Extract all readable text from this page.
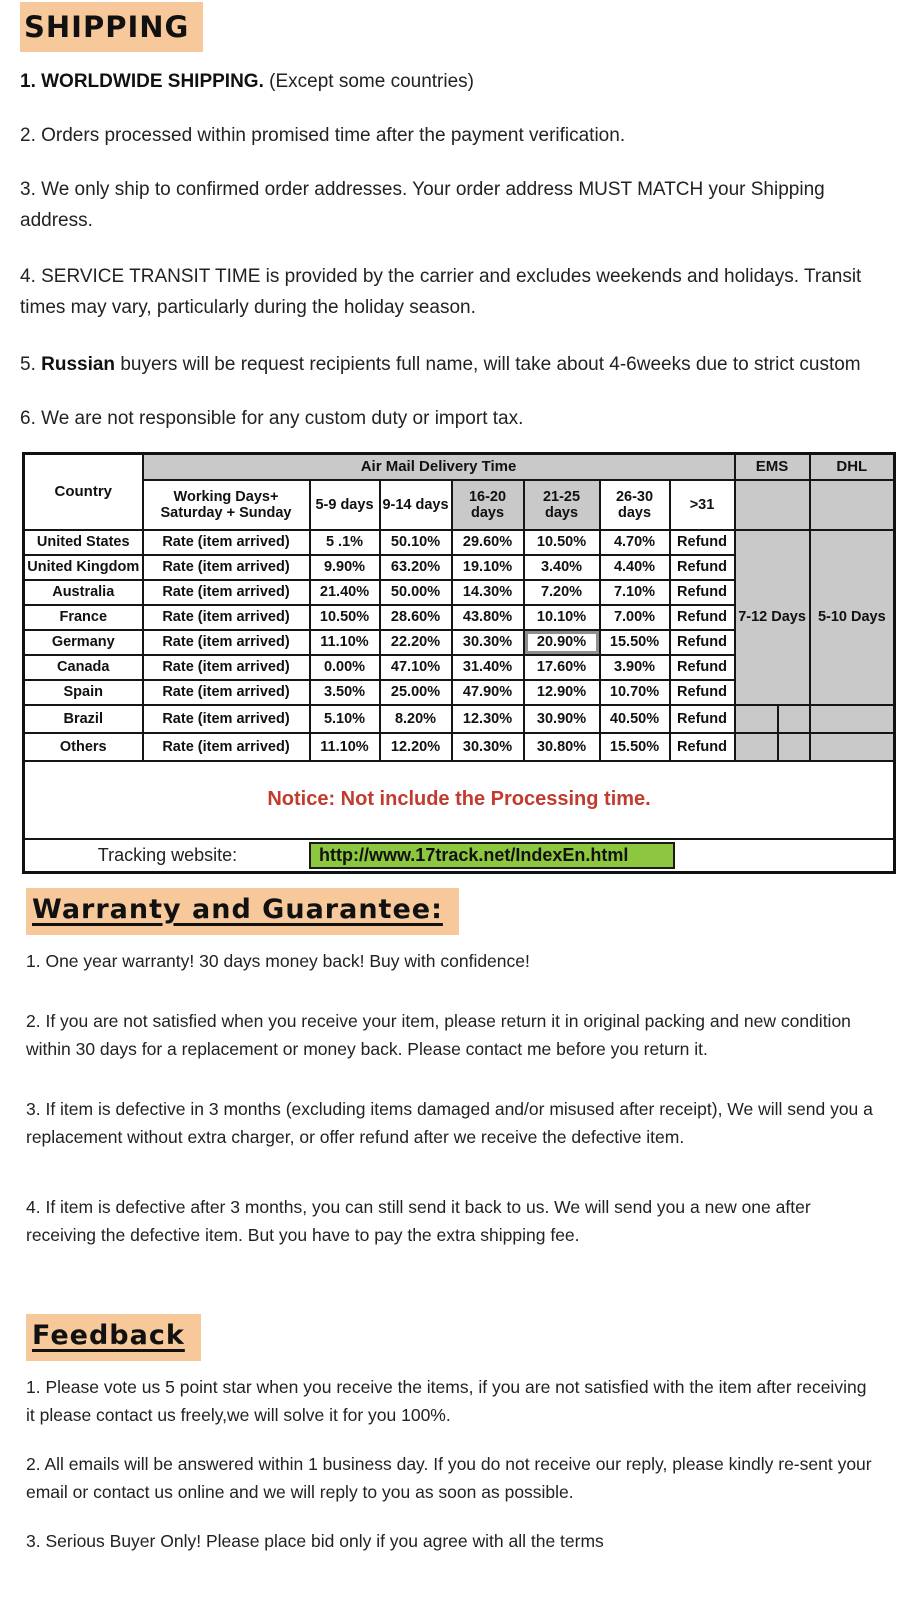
SHIPPING

1. WORLDWIDE SHIPPING. (Except some countries)

2. Orders processed within promised time after the payment verification.

3. We only ship to confirmed order addresses. Your order address MUST MATCH your Shipping address.

4. SERVICE TRANSIT TIME is provided by the carrier and excludes weekends and holidays. Transit times may vary, particularly during the holiday season.

5. Russian buyers will be request recipients full name, will take about 4-6weeks due to strict custom

6. We are not responsible for any custom duty or import tax.

Country	Air Mail Delivery Time							EMS		DHL
	Working Days+ Saturday + Sunday	5-9 days	9-14 days	16-20 days	21-25 days	26-30 days	>31			
United States	Rate (item arrived)	5 .1%	50.10%	29.60%	10.50%	4.70%	Refund	7-12 Days		5-10 Days
United Kingdom	Rate (item arrived)	9.90%	63.20%	19.10%	3.40%	4.40%	Refund			
Australia	Rate (item arrived)	21.40%	50.00%	14.30%	7.20%	7.10%	Refund			
France	Rate (item arrived)	10.50%	28.60%	43.80%	10.10%	7.00%	Refund			
Germany	Rate (item arrived)	11.10%	22.20%	30.30%	20.90%	15.50%	Refund			
Canada	Rate (item arrived)	0.00%	47.10%	31.40%	17.60%	3.90%	Refund			
Spain	Rate (item arrived)	3.50%	25.00%	47.90%	12.90%	10.70%	Refund			
Brazil	Rate (item arrived)	5.10%	8.20%	12.30%	30.90%	40.50%	Refund			
Others	Rate (item arrived)	11.10%	12.20%	30.30%	30.80%	15.50%	Refund			
Notice: Not include the Processing time.										

Tracking website: http://www.17track.net/IndexEn.html										
Warranty and Guarantee:

1. One year warranty! 30 days money back! Buy with confidence!

2. If you are not satisfied when you receive your item, please return it in original packing and new condition within 30 days for a replacement or money back. Please contact me before you return it.

3. If item is defective in 3 months (excluding items damaged and/or misused after receipt), We will send you a replacement without extra charger, or offer refund after we receive the defective item.

4. If item is defective after 3 months, you can still send it back to us. We will send you a new one after receiving the defective item. But you have to pay the extra shipping fee.

Feedback

1. Please vote us 5 point star when you receive the items, if you are not satisfied with the item after receiving it please contact us freely,we will solve it for you 100%.

2. All emails will be answered within 1 business day. If you do not receive our reply, please kindly re-sent your email or contact us online and we will reply to you as soon as possible.

3. Serious Buyer Only! Please place bid only if you agree with all the terms
